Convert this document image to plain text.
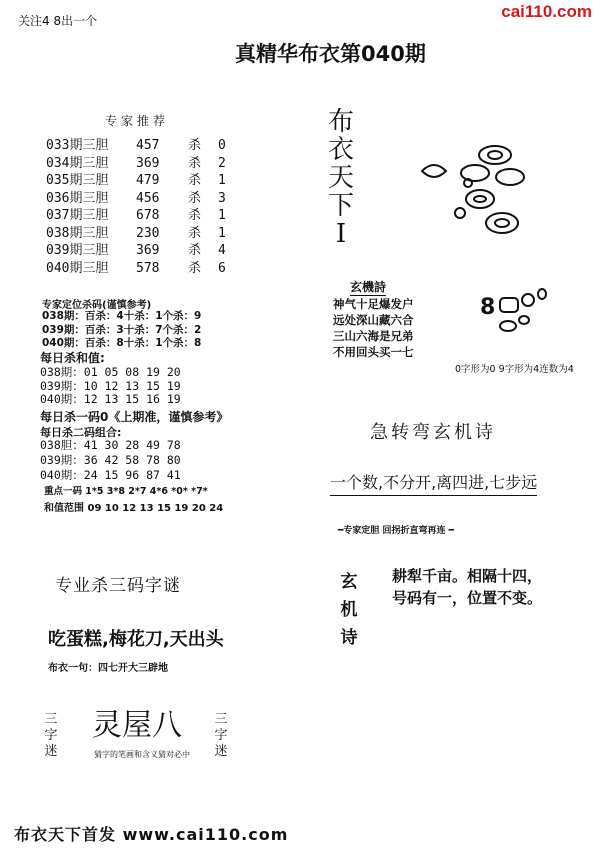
关注4 8出一个	cai110.com
真精华布衣第040期
专家推荐
033期三胆 457 杀 0
034期三胆 369 杀 2
035期三胆 479 杀 1
036期三胆 456 杀 3
037期三胆 678 杀 1
038期三胆 230 杀 1
039期三胆 369 杀 4
040期三胆 578 杀 6
专家定位杀码(谨慎参考)
038期：百杀：4十杀：1个杀：9
039期：百杀：3十杀：7个杀：2
040期：百杀：8十杀：1个杀：8
每日杀和值:
038期：01 05 08 19 20
039期：10 12 13 15 19
040期：12 13 15 16 19
每日杀一码0《上期准，谨慎参考》
每日杀二码组合:
038胆：41 30 28 49 78
039期：36 42 58 78 80
040期：24 15 96 87 41
重点一码 1*5 3*8 2*7 4*6 *0* *7*
和值范围 09 10 12 13 15 19 20 24
布衣天下I
玄機詩
神气十足爆发户
远处深山藏六合
三山六海是兄弟
不用回头买一七
8
0字形为0 9字形为4连数为4
急转弯玄机诗
一个数,不分开,离四进,七步远
━专家定胆 回拐折直弯再连 ━
玄机诗
耕犁千亩。相隔十四，
号码有一，位置不变。
专业杀三码字谜
吃蛋糕,梅花刀,天出头
布衣一句：四七开大三辟地
三字迷
灵屋八
猜字的笔画和含义猜对必中
三字迷
布衣天下首发 www.cai110.com
